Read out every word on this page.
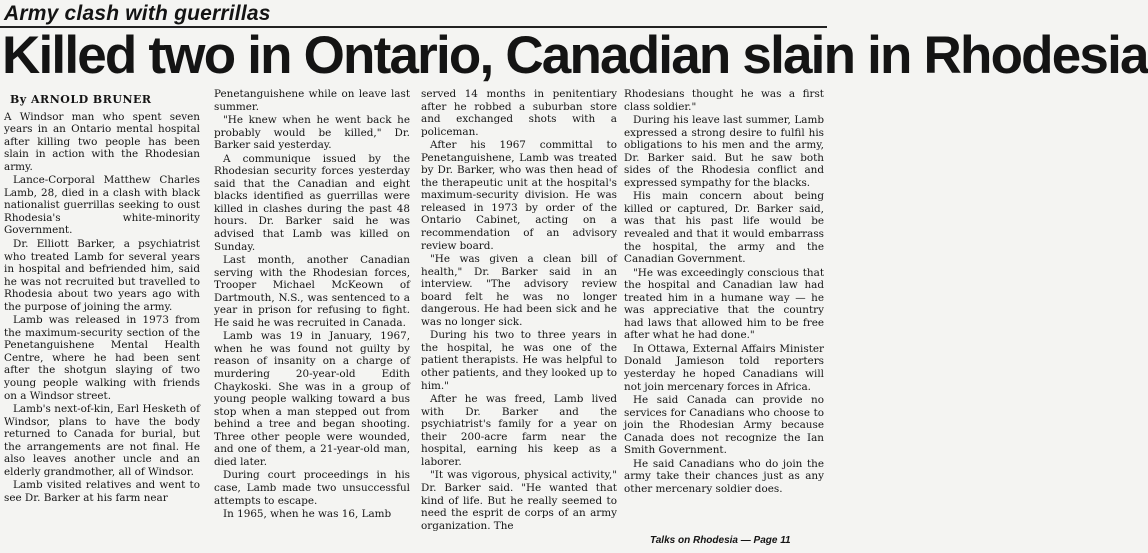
Army clash with guerrillas
Killed two in Ontario, Canadian slain in Rhodesia
By ARNOLD BRUNER

A Windsor man who spent seven years in an Ontario mental hospital after killing two people has been slain in action with the Rhodesian army.

Lance-Corporal Matthew Charles Lamb, 28, died in a clash with black nationalist guerrillas seeking to oust Rhodesia's white-minority Government.

Dr. Elliott Barker, a psychiatrist who treated Lamb for several years in hospital and befriended him, said he was not recruited but travelled to Rhodesia about two years ago with the purpose of joining the army.

Lamb was released in 1973 from the maximum-security section of the Penetanguishene Mental Health Centre, where he had been sent after the shotgun slaying of two young people walking with friends on a Windsor street.

Lamb's next-of-kin, Earl Hesketh of Windsor, plans to have the body returned to Canada for burial, but the arrangements are not final. He also leaves another uncle and an elderly grandmother, all of Windsor.

Lamb visited relatives and went to see Dr. Barker at his farm near

Penetanguishene while on leave last summer.

"He knew when he went back he probably would be killed," Dr. Barker said yesterday.

A communique issued by the Rhodesian security forces yesterday said that the Canadian and eight blacks identified as guerrillas were killed in clashes during the past 48 hours. Dr. Barker said he was advised that Lamb was killed on Sunday.

Last month, another Canadian serving with the Rhodesian forces, Trooper Michael McKeown of Dartmouth, N.S., was sentenced to a year in prison for refusing to fight. He said he was recruited in Canada.

Lamb was 19 in January, 1967, when he was found not guilty by reason of insanity on a charge of murdering 20-year-old Edith Chaykoski. She was in a group of young people walking toward a bus stop when a man stepped out from behind a tree and began shooting. Three other people were wounded, and one of them, a 21-year-old man, died later.

During court proceedings in his case, Lamb made two unsuccessful attempts to escape.

In 1965, when he was 16, Lamb

served 14 months in penitentiary after he robbed a suburban store and exchanged shots with a policeman.

After his 1967 committal to Penetanguishene, Lamb was treated by Dr. Barker, who was then head of the therapeutic unit at the hospital's maximum-security division. He was released in 1973 by order of the Ontario Cabinet, acting on a recommendation of an advisory review board.

"He was given a clean bill of health," Dr. Barker said in an interview. "The advisory review board felt he was no longer dangerous. He had been sick and he was no longer sick.

During his two to three years in the hospital, he was one of the patient therapists. He was helpful to other patients, and they looked up to him."

After he was freed, Lamb lived with Dr. Barker and the psychiatrist's family for a year on their 200-acre farm near the hospital, earning his keep as a laborer.

"It was vigorous, physical activity," Dr. Barker said. "He wanted that kind of life. But he really seemed to need the esprit de corps of an army organization. The

Rhodesians thought he was a first class soldier."

During his leave last summer, Lamb expressed a strong desire to fulfil his obligations to his men and the army, Dr. Barker said. But he saw both sides of the Rhodesia conflict and expressed sympathy for the blacks.

His main concern about being killed or captured, Dr. Barker said, was that his past life would be revealed and that it would embarrass the hospital, the army and the Canadian Government.

"He was exceedingly conscious that the hospital and Canadian law had treated him in a humane way — he was appreciative that the country had laws that allowed him to be free after what he had done."

In Ottawa, External Affairs Minister Donald Jamieson told reporters yesterday he hoped Canadians will not join mercenary forces in Africa.

He said Canada can provide no services for Canadians who choose to join the Rhodesian Army because Canada does not recognize the Ian Smith Government.

He said Canadians who do join the army take their chances just as any other mercenary soldier does.

Talks on Rhodesia — Page 11
